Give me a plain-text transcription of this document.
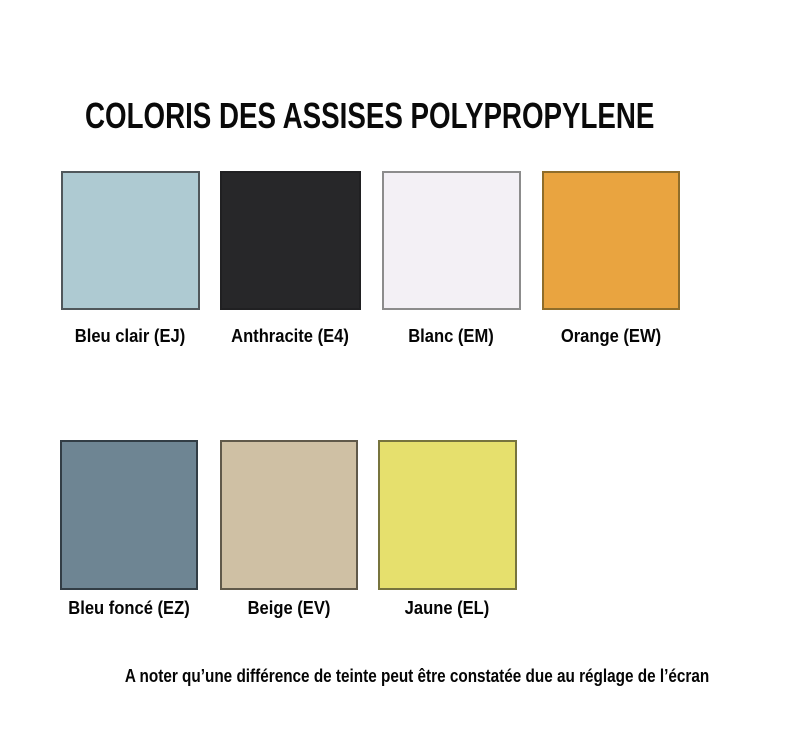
COLORIS DES ASSISES POLYPROPYLENE
Bleu clair (EJ)	Anthracite (E4)	Blanc (EM)	Orange (EW)
Bleu foncé (EZ)	Beige (EV)	Jaune (EL)
A noter qu’une différence de teinte peut être constatée due au réglage de l’écran
